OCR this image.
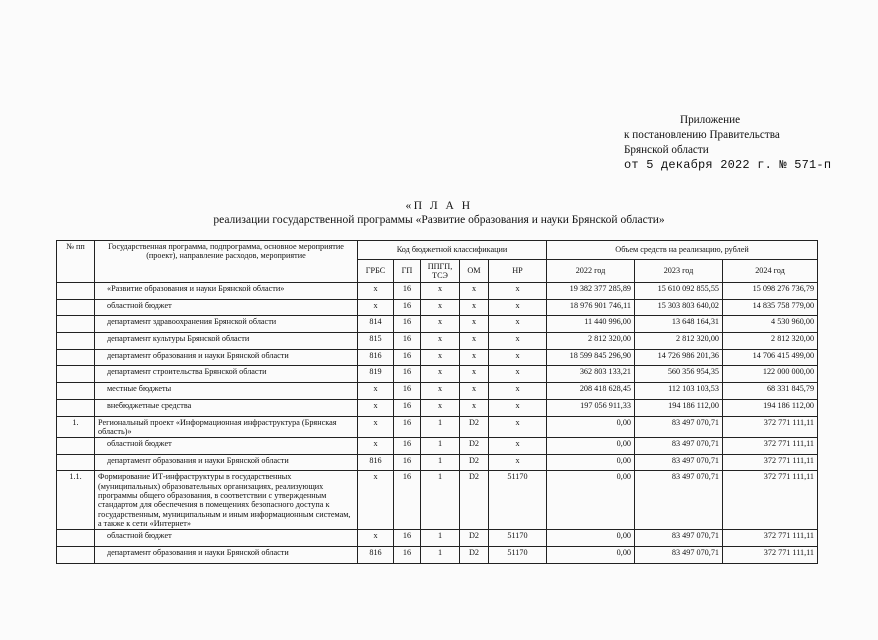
Приложение
к постановлению Правительства
Брянской области
от 5 декабря 2022 г. № 571-п
«П Л А Н
реализации государственной программы «Развитие образования и науки Брянской области»
№ пп	Государственная программа, подпрограмма, основное мероприятие (проект), направление расходов, мероприятие	Код бюджетной классификации					Объем средств на реализацию, рублей		
		ГРБС	ГП	ППГП, ТСЭ	ОМ	НР	2022 год	2023 год	2024 год
	«Развитие образования и науки Брянской области»	х	16	х	х	х	19 382 377 285,89	15 610 092 855,55	15 098 276 736,79
	областной бюджет	х	16	х	х	х	18 976 901 746,11	15 303 803 640,02	14 835 758 779,00
	департамент здравоохранения Брянской области	814	16	х	х	х	11 440 996,00	13 648 164,31	4 530 960,00
	департамент культуры Брянской области	815	16	х	х	х	2 812 320,00	2 812 320,00	2 812 320,00
	департамент образования и науки Брянской области	816	16	х	х	х	18 599 845 296,90	14 726 986 201,36	14 706 415 499,00
	департамент строительства Брянской области	819	16	х	х	х	362 803 133,21	560 356 954,35	122 000 000,00
	местные бюджеты	х	16	х	х	х	208 418 628,45	112 103 103,53	68 331 845,79
	внебюджетные средства	х	16	х	х	х	197 056 911,33	194 186 112,00	194 186 112,00
1.	Региональный проект «Информационная инфраструктура (Брянская область)»	х	16	1	D2	х	0,00	83 497 070,71	372 771 111,11
	областной бюджет	х	16	1	D2	х	0,00	83 497 070,71	372 771 111,11
	департамент образования и науки Брянской области	816	16	1	D2	х	0,00	83 497 070,71	372 771 111,11
1.1.	Формирование ИТ-инфраструктуры в государственных (муниципальных) образовательных организациях, реализующих программы общего образования, в соответствии с утвержденным стандартом для обеспечения в помещениях безопасного доступа к государственным, муниципальным и иным информационным системам, а также к сети «Интернет»	х	16	1	D2	51170	0,00	83 497 070,71	372 771 111,11
	областной бюджет	х	16	1	D2	51170	0,00	83 497 070,71	372 771 111,11
	департамент образования и науки Брянской области	816	16	1	D2	51170	0,00	83 497 070,71	372 771 111,11
